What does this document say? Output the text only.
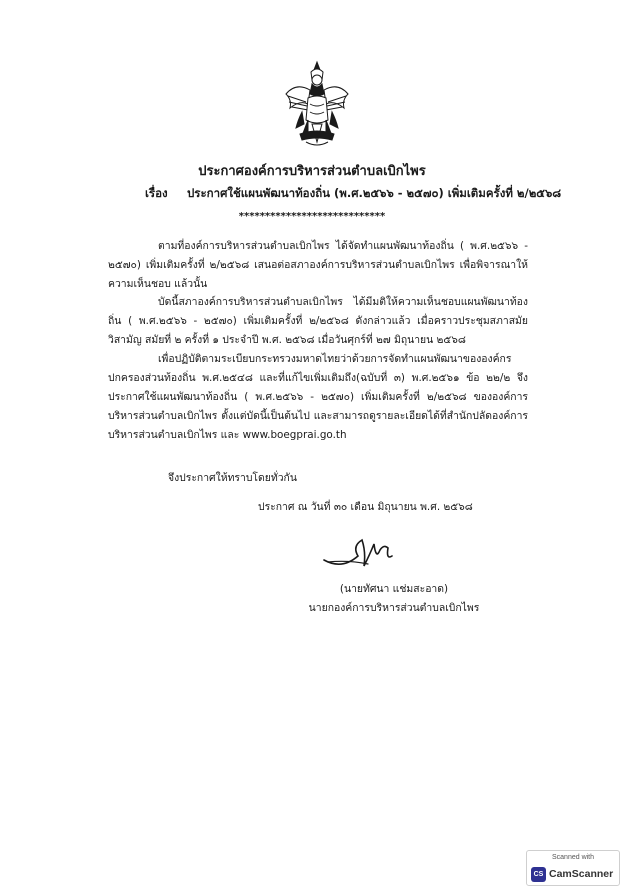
ประกาศองค์การบริหารส่วนตำบลเบิกไพร
เรื่อง ประกาศใช้แผนพัฒนาท้องถิ่น (พ.ศ.๒๕๖๖ - ๒๕๗๐) เพิ่มเติมครั้งที่ ๒/๒๕๖๘
****************************
ตามที่องค์การบริหารส่วนตำบลเบิกไพร ได้จัดทำแผนพัฒนาท้องถิ่น ( พ.ศ.๒๕๖๖ - ๒๕๗๐) เพิ่มเติมครั้งที่ ๒/๒๕๖๘ เสนอต่อสภาองค์การบริหารส่วนตำบลเบิกไพร เพื่อพิจารณาให้ความเห็นชอบ แล้วนั้น
บัดนี้สภาองค์การบริหารส่วนตำบลเบิกไพร ได้มีมติให้ความเห็นชอบแผนพัฒนาท้องถิ่น ( พ.ศ.๒๕๖๖ - ๒๕๗๐) เพิ่มเติมครั้งที่ ๒/๒๕๖๘ ดังกล่าวแล้ว เมื่อคราวประชุมสภาสมัยวิสามัญ สมัยที่ ๒ ครั้งที่ ๑ ประจำปี พ.ศ. ๒๕๖๘ เมื่อวันศุกร์ที่ ๒๗ มิถุนายน ๒๕๖๘
เพื่อปฏิบัติตามระเบียบกระทรวงมหาดไทยว่าด้วยการจัดทำแผนพัฒนาขององค์กรปกครองส่วนท้องถิ่น พ.ศ.๒๕๔๘ และที่แก้ไขเพิ่มเติมถึง(ฉบับที่ ๓) พ.ศ.๒๕๖๑ ข้อ ๒๒/๒ จึงประกาศใช้แผนพัฒนาท้องถิ่น ( พ.ศ.๒๕๖๖ - ๒๕๗๐) เพิ่มเติมครั้งที่ ๒/๒๕๖๘ ขององค์การบริหารส่วนตำบลเบิกไพร ตั้งแต่บัดนี้เป็นต้นไป และสามารถดูรายละเอียดได้ที่สำนักปลัดองค์การบริหารส่วนตำบลเบิกไพร และ www.boegprai.go.th
จึงประกาศให้ทราบโดยทั่วกัน
ประกาศ ณ วันที่ ๓๐ เดือน มิถุนายน พ.ศ. ๒๕๖๘
(นายทัศนา แช่มสะอาด)
นายกองค์การบริหารส่วนตำบลเบิกไพร
Scanned with
CS CamScanner
